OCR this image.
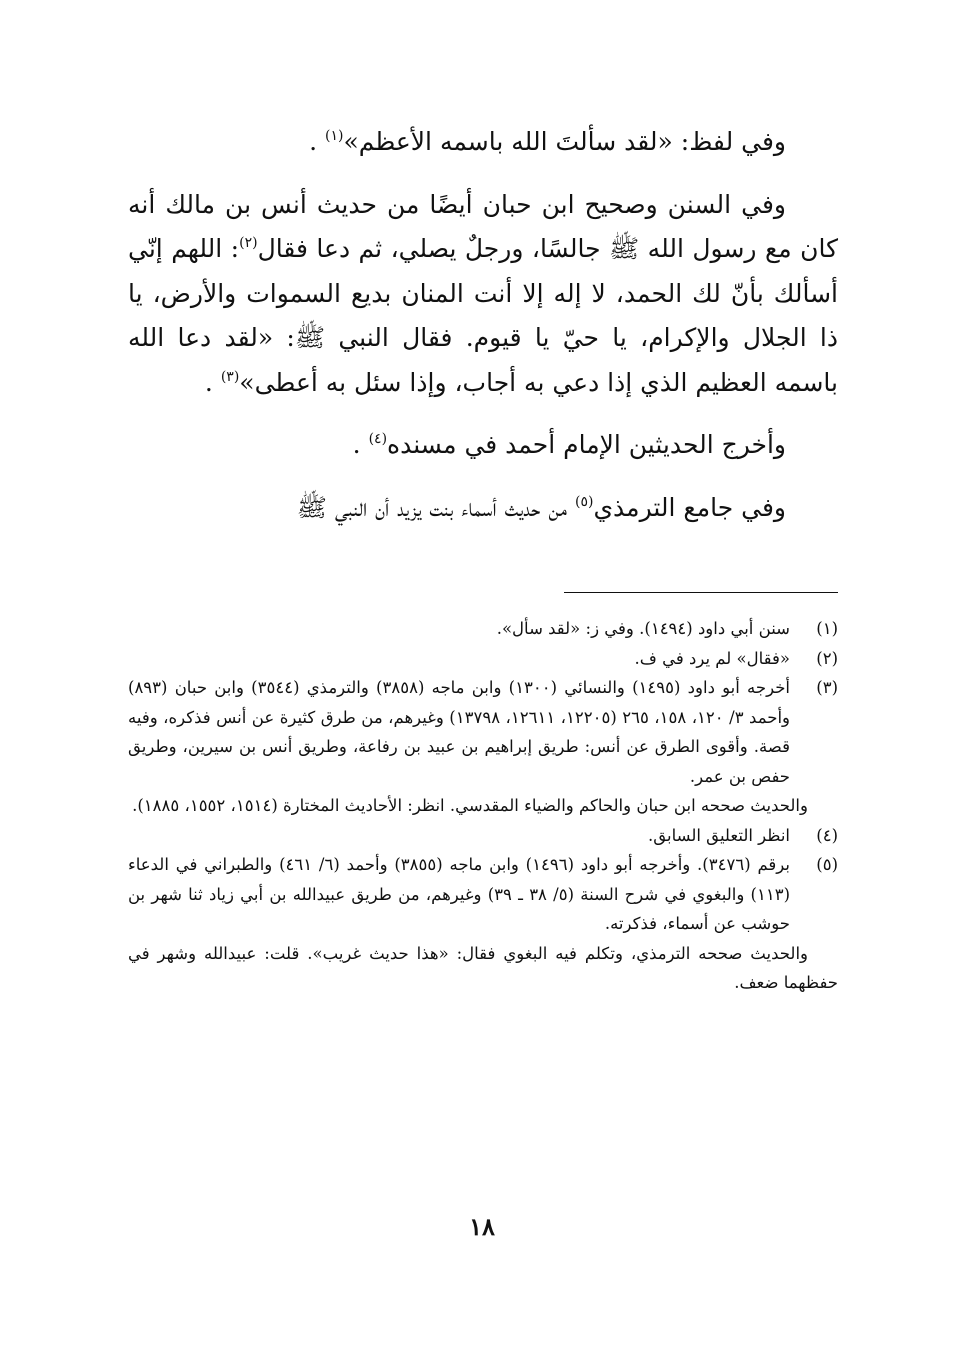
وفي لفظ: «لقد سألتَ الله باسمه الأعظم»$^{(١)}$ .

وفي السنن وصحيح ابن حبان أيضًا من حديث أنس بن مالك أنه كان مع رسول الله ﷺ جالسًا، ورجلٌ يصلي، ثم دعا فقال$^{(٢)}$: اللهم إنّي أسألك بأنّ لك الحمد، لا إله إلا أنت المنان بديع السموات والأرض، يا ذا الجلال والإكرام، يا حيّ يا قيوم. فقال النبي ﷺ: «لقد دعا الله باسمه العظيم الذي إذا دعي به أجاب، وإذا سئل به أعطى»$^{(٣)}$ .

وأخرج الحديثين الإمام أحمد في مسنده$^{(٤)}$ .

وفي جامع الترمذي$^{(٥)}$ من حديث أسماء بنت يزيد أن النبي ﷺ

(١)

سنن أبي داود (١٤٩٤). وفي ز: «لقد سأل».

(٢)

«فقال» لم يرد في ف.

(٣)

أخرجه أبو داود (١٤٩٥) والنسائي (١٣٠٠) وابن ماجه (٣٨٥٨) والترمذي (٣٥٤٤) وابن حبان (٨٩٣) وأحمد ٣/ ١٢٠، ١٥٨، ٢٦٥ (١٢٢٠٥، ١٢٦١١، ١٣٧٩٨) وغيرهم، من طرق كثيرة عن أنس فذكره، وفيه قصة. وأقوى الطرق عن أنس: طريق إبراهيم بن عبيد بن رفاعة، وطريق أنس بن سيرين، وطريق حفص بن عمر.

والحديث صححه ابن حبان والحاكم والضياء المقدسي. انظر: الأحاديث المختارة (١٥١٤، ١٥٥٢، ١٨٨٥).

(٤)

انظر التعليق السابق.

(٥)

برقم (٣٤٧٦). وأخرجه أبو داود (١٤٩٦) وابن ماجه (٣٨٥٥) وأحمد (٦/ ٤٦١) والطبراني في الدعاء (١١٣) والبغوي في شرح السنة (٥/ ٣٨ ـ ٣٩) وغيرهم، من طريق عبيدالله بن أبي زياد ثنا شهر بن حوشب عن أسماء، فذكرته.

والحديث صححه الترمذي، وتكلم فيه البغوي فقال: «هذا حديث غريب». قلت: عبيدالله وشهر في حفظهما ضعف.

١٨
